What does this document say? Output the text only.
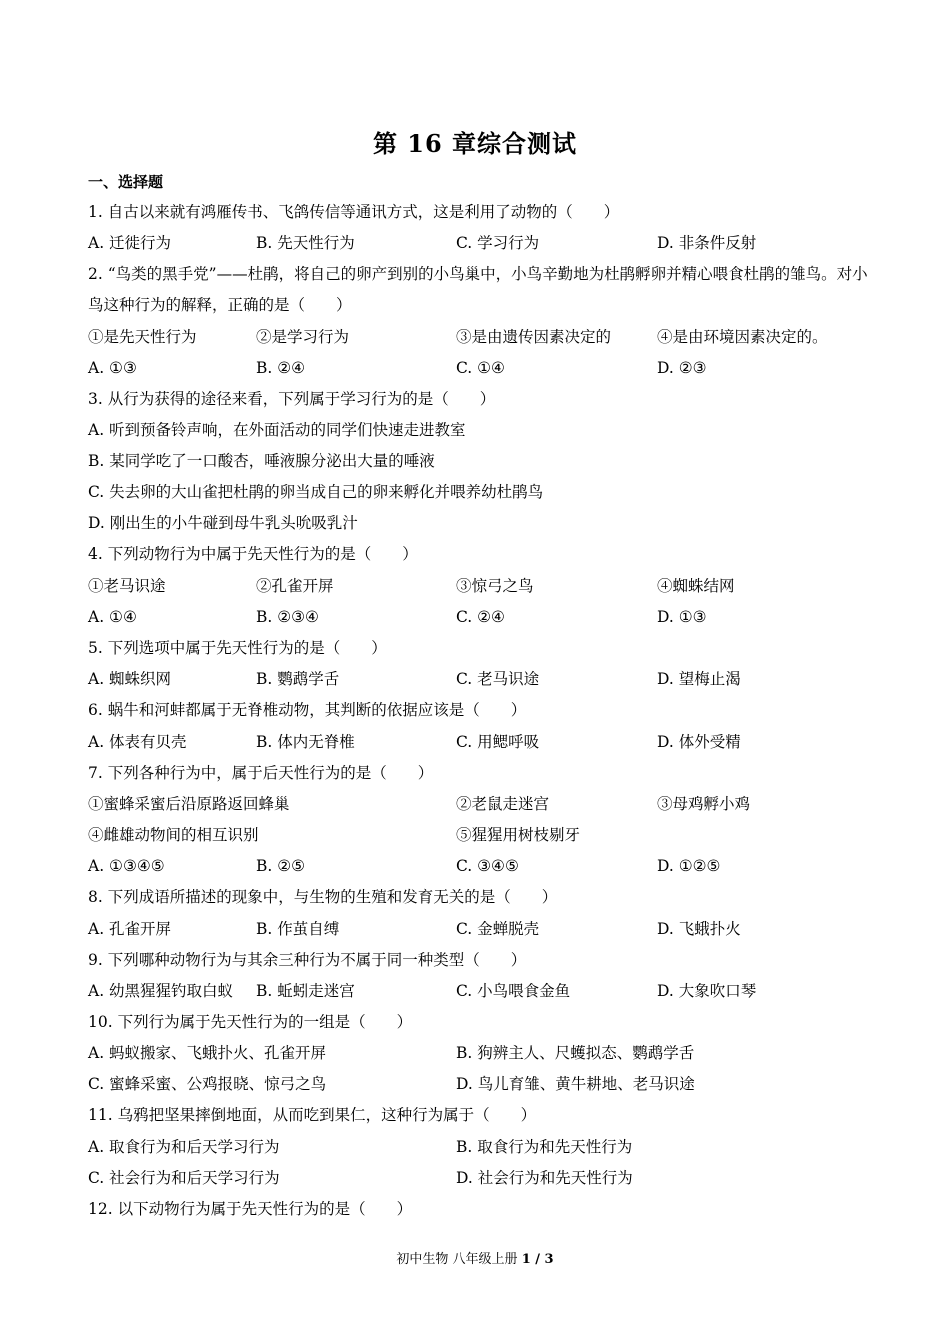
第 16 章综合测试
一、选择题
1. 自古以来就有鸿雁传书、飞鸽传信等通讯方式，这是利用了动物的（　　）
A. 迁徙行为	B. 先天性行为	C. 学习行为	D. 非条件反射
2. “鸟类的黑手党”——杜鹃，将自己的卵产到别的小鸟巢中，小鸟辛勤地为杜鹃孵卵并精心喂食杜鹃的雏鸟。对小鸟这种行为的解释，正确的是（　　）
①是先天性行为	②是学习行为	③是由遗传因素决定的	④是由环境因素决定的。
A. ①③	B. ②④	C. ①④	D. ②③
3. 从行为获得的途径来看，下列属于学习行为的是（　　）
A. 听到预备铃声响，在外面活动的同学们快速走进教室
B. 某同学吃了一口酸杏，唾液腺分泌出大量的唾液
C. 失去卵的大山雀把杜鹃的卵当成自己的卵来孵化并喂养幼杜鹃鸟
D. 刚出生的小牛碰到母牛乳头吮吸乳汁
4. 下列动物行为中属于先天性行为的是（　　）
①老马识途	②孔雀开屏	③惊弓之鸟	④蜘蛛结网
A. ①④	B. ②③④	C. ②④	D. ①③
5. 下列选项中属于先天性行为的是（　　）
A. 蜘蛛织网	B. 鹦鹉学舌	C. 老马识途	D. 望梅止渴
6. 蜗牛和河蚌都属于无脊椎动物，其判断的依据应该是（　　）
A. 体表有贝壳	B. 体内无脊椎	C. 用鳃呼吸	D. 体外受精
7. 下列各种行为中，属于后天性行为的是（　　）
①蜜蜂采蜜后沿原路返回蜂巢	②老鼠走迷宫	③母鸡孵小鸡
④雌雄动物间的相互识别	⑤猩猩用树枝剔牙
A. ①③④⑤	B. ②⑤	C. ③④⑤	D. ①②⑤
8. 下列成语所描述的现象中，与生物的生殖和发育无关的是（　　）
A. 孔雀开屏	B. 作茧自缚	C. 金蝉脱壳	D. 飞蛾扑火
9. 下列哪种动物行为与其余三种行为不属于同一种类型（　　）
A. 幼黑猩猩钓取白蚁 B. 蚯蚓走迷宫	C. 小鸟喂食金鱼	D. 大象吹口琴
10. 下列行为属于先天性行为的一组是（　　）
A. 蚂蚁搬家、飞蛾扑火、孔雀开屏	B. 狗辨主人、尺蠖拟态、鹦鹉学舌
C. 蜜蜂采蜜、公鸡报晓、惊弓之鸟	D. 鸟儿育雏、黄牛耕地、老马识途
11. 乌鸦把坚果摔倒地面，从而吃到果仁，这种行为属于（　　）
A. 取食行为和后天学习行为	B. 取食行为和先天性行为
C. 社会行为和后天学习行为	D. 社会行为和先天性行为
12. 以下动物行为属于先天性行为的是（　　）
初中生物 八年级上册 1 / 3
